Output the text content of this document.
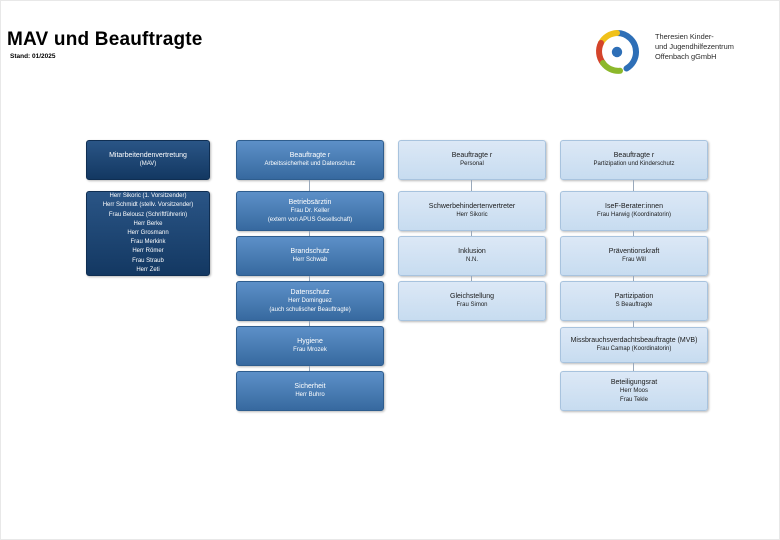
MAV und Beauftragte
Stand: 01/2025
Theresien Kinder-
und Jugendhilfezentrum
Offenbach gGmbH
Mitarbeitendenvertretung
(MAV)
Herr Sikoric (1. Vorsitzender)
Herr Schmidt (stellv. Vorsitzender)
Frau Belousz (Schriftführerin)
Herr Berke
Herr Grosmann
Frau Merkink
Herr Römer
Frau Straub
Herr Zeti
Beauftragte r
Arbeitssicherheit und Datenschutz
Betriebsärztin
Frau Dr. Keller
(extern von APUS Gesellschaft)
Brandschutz
Herr Schwab
Datenschutz
Herr Dominguez
(auch schulischer Beauftragte)
Hygiene
Frau Mrozek
Sicherheit
Herr Buhro
Beauftragte r
Personal
Schwerbehindertenvertreter
Herr Sikoric
Inklusion
N.N.
Gleichstellung
Frau Simon
Beauftragte r
Partizipation und Kinderschutz
IseF-Berater:innen
Frau Harwig (Koordinatorin)
Präventionskraft
Frau Will
Partizipation
S Beauftragte
Missbrauchsverdachtsbeauftragte (MVB)
Frau Camap (Koordinatorin)
Beteiligungsrat
Herr Moos
Frau Tekle
